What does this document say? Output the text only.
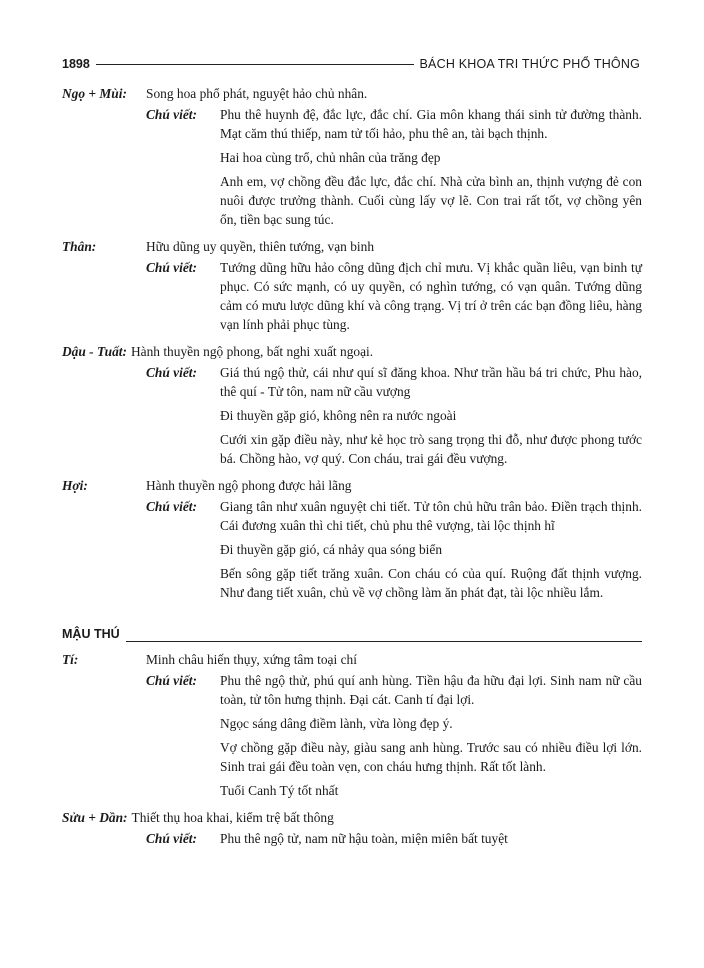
1898	BÁCH KHOA TRI THỨC PHỔ THÔNG
Ngọ + Mùi:	Song hoa phổ phát, nguyệt hảo chủ nhân.
Chú viết:	Phu thê huynh đệ, đắc lực, đắc chí. Gia môn khang thái sinh tử đường thành. Mạt căm thú thiếp, nam tử tối hảo, phu thê an, tài bạch thịnh.

Hai hoa cùng trổ, chủ nhân của trăng đẹp

Anh em, vợ chồng đều đắc lực, đắc chí. Nhà cửa bình an, thịnh vượng đẻ con nuôi được trưởng thành. Cuối cùng lấy vợ lẽ. Con trai rất tốt, vợ chồng yên ổn, tiền bạc sung túc.

Thân:	Hữu dũng uy quyền, thiên tướng, vạn binh
Chú viết:	Tướng dũng hữu hảo công dũng địch chỉ mưu. Vị khắc quần liêu, vạn binh tự phục. Có sức mạnh, có uy quyền, có nghìn tướng, có vạn quân. Tướng dũng cảm có mưu lược dũng khí và công trạng. Vị trí ở trên các bạn đồng liêu, hàng vạn lính phải phục tùng.

Dậu - Tuất: Hành thuyền ngộ phong, bất nghi xuất ngoại.
Chú viết:	Giá thú ngộ thử, cái như quí sĩ đăng khoa. Như trần hầu bá tri chức, Phu hào, thê quí - Tử tôn, nam nữ cầu vượng

Đi thuyền gặp gió, không nên ra nước ngoài

Cưới xin gặp điều này, như kẻ học trò sang trọng thi đỗ, như được phong tước bá. Chồng hào, vợ quý. Con cháu, trai gái đều vượng.

Hợi:	Hành thuyền ngộ phong được hải lãng
Chú viết:	Giang tân như xuân nguyệt chi tiết. Tử tôn chủ hữu trân bảo. Điền trạch thịnh. Cái đương xuân thì chi tiết, chủ phu thê vượng, tài lộc thịnh hĩ

Đi thuyền gặp gió, cá nhảy qua sóng biển

Bến sông gặp tiết trăng xuân. Con cháu có của quí. Ruộng đất thịnh vượng. Như đang tiết xuân, chủ về vợ chồng làm ăn phát đạt, tài lộc nhiều lắm.

MẬU THÚ
Tí:	Minh châu hiến thụy, xứng tâm toại chí
Chú viết:	Phu thê ngộ thử, phú quí anh hùng. Tiền hậu đa hữu đại lợi. Sinh nam nữ cầu toàn, tử tôn hưng thịnh. Đại cát. Canh tí đại lợi.

Ngọc sáng dâng điềm lành, vừa lòng đẹp ý.

Vợ chồng gặp điều này, giàu sang anh hùng. Trước sau có nhiều điều lợi lớn. Sinh trai gái đều toàn vẹn, con cháu hưng thịnh. Rất tốt lành.

Tuổi Canh Tý tốt nhất

Sửu + Dần: Thiết thụ hoa khai, kiểm trệ bất thông
Chú viết:	Phu thê ngộ tử, nam nữ hậu toàn, miện miên bất tuyệt
